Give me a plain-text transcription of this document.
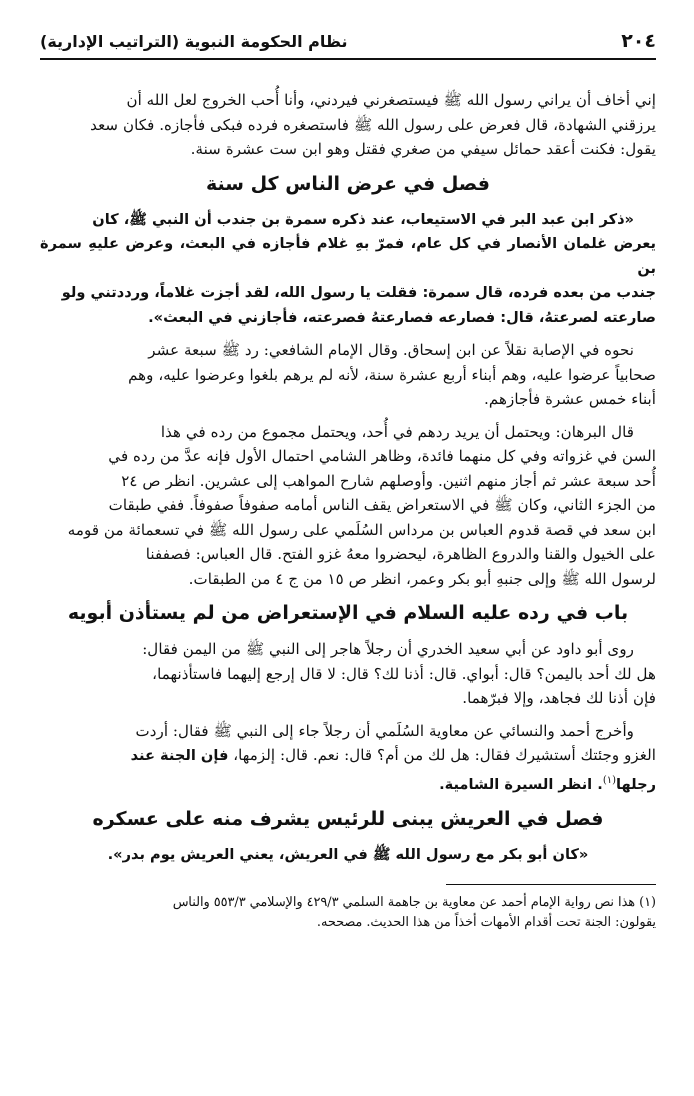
٢٠٤
نظام الحكومة النبوية (التراتيب الإدارية)

إني أخاف أن يراني رسول الله ﷺ فيستصغرني فيردني، وأنا أُحب الخروج لعل الله أن
يرزقني الشهادة، قال فعرض على رسول الله ﷺ فاستصغره فرده فبكى فأجازه. فكان سعد
يقول: فكنت أعقد حمائل سيفي من صغري فقتل وهو ابن ست عشرة سنة.

فصل في عرض الناس كل سنة

«ذكر ابن عبد البر في الاستيعاب، عند ذكره سمرة بن جندب أن النبي ﷺ، كان
يعرض غلمان الأنصار في كل عام، فمرّ بهِ غلام فأجازه في البعث، وعرض عليهِ سمرة بن
جندب من بعده فرده، قال سمرة: فقلت يا رسول الله، لقد أجزت غلاماً، ورددتني ولو
صارعته لصرعتهُ، قال: فصارعه فصارعتهُ فصرعته، فأجازني في البعث».

نحوه في الإصابة نقلاً عن ابن إسحاق. وقال الإمام الشافعي: رد ﷺ سبعة عشر
صحابياً عرضوا عليه، وهم أبناء أربع عشرة سنة، لأنه لم يرهم بلغوا وعرضوا عليه، وهم
أبناء خمس عشرة فأجازهم.

قال البرهان: ويحتمل أن يريد ردهم في أُحد، ويحتمل مجموع من رده في هذا
السن في غزواته وفي كل منهما فائدة، وظاهر الشامي احتمال الأول فإنه عدَّ من رده في
أُحد سبعة عشر ثم أجاز منهم اثنين. وأوصلهم شارح المواهب إلى عشرين. انظر ص ٢٤
من الجزء الثاني، وكان ﷺ في الاستعراض يقف الناس أمامه صفوفاً صفوفاً. ففي طبقات
ابن سعد في قصة قدوم العباس بن مرداس السُلَمي على رسول الله ﷺ في تسعمائة من قومه
على الخيول والقنا والدروع الظاهرة، ليحضروا معهُ غزو الفتح. قال العباس: فصففنا
لرسول الله ﷺ وإلى جنبهِ أبو بكر وعمر، انظر ص ١٥ من ج ٤ من الطبقات.

باب في رده عليه السلام في الإستعراض من لم يستأذن أبويه

روى أبو داود عن أبي سعيد الخدري أن رجلاً هاجر إلى النبي ﷺ من اليمن فقال:
هل لك أحد باليمن؟ قال: أبواي. قال: أذنا لك؟ قال: لا قال إرجع إليهما فاستأذنهما،
فإن أذنا لك فجاهد، وإلا فبرّهما.

وأخرج أحمد والنسائي عن معاوية السُلَمي أن رجلاً جاء إلى النبي ﷺ فقال: أردت
الغزو وجئتك أستشيرك فقال: هل لك من أم؟ قال: نعم. قال: إلزمها، فإن الجنة عند
رجلها$^{(١)}$. انظر السيرة الشامية.

فصل في العريش يبنى للرئيس يشرف منه على عسكره

«كان أبو بكر مع رسول الله ﷺ في العريش، يعني العريش يوم بدر».

(١) هذا نص رواية الإمام أحمد عن معاوية بن جاهمة السلمي ٤٢٩/٣ والإسلامي ٥٥٣/٣ والناس
يقولون: الجنة تحت أقدام الأمهات أخذاً من هذا الحديث. مصححه.
